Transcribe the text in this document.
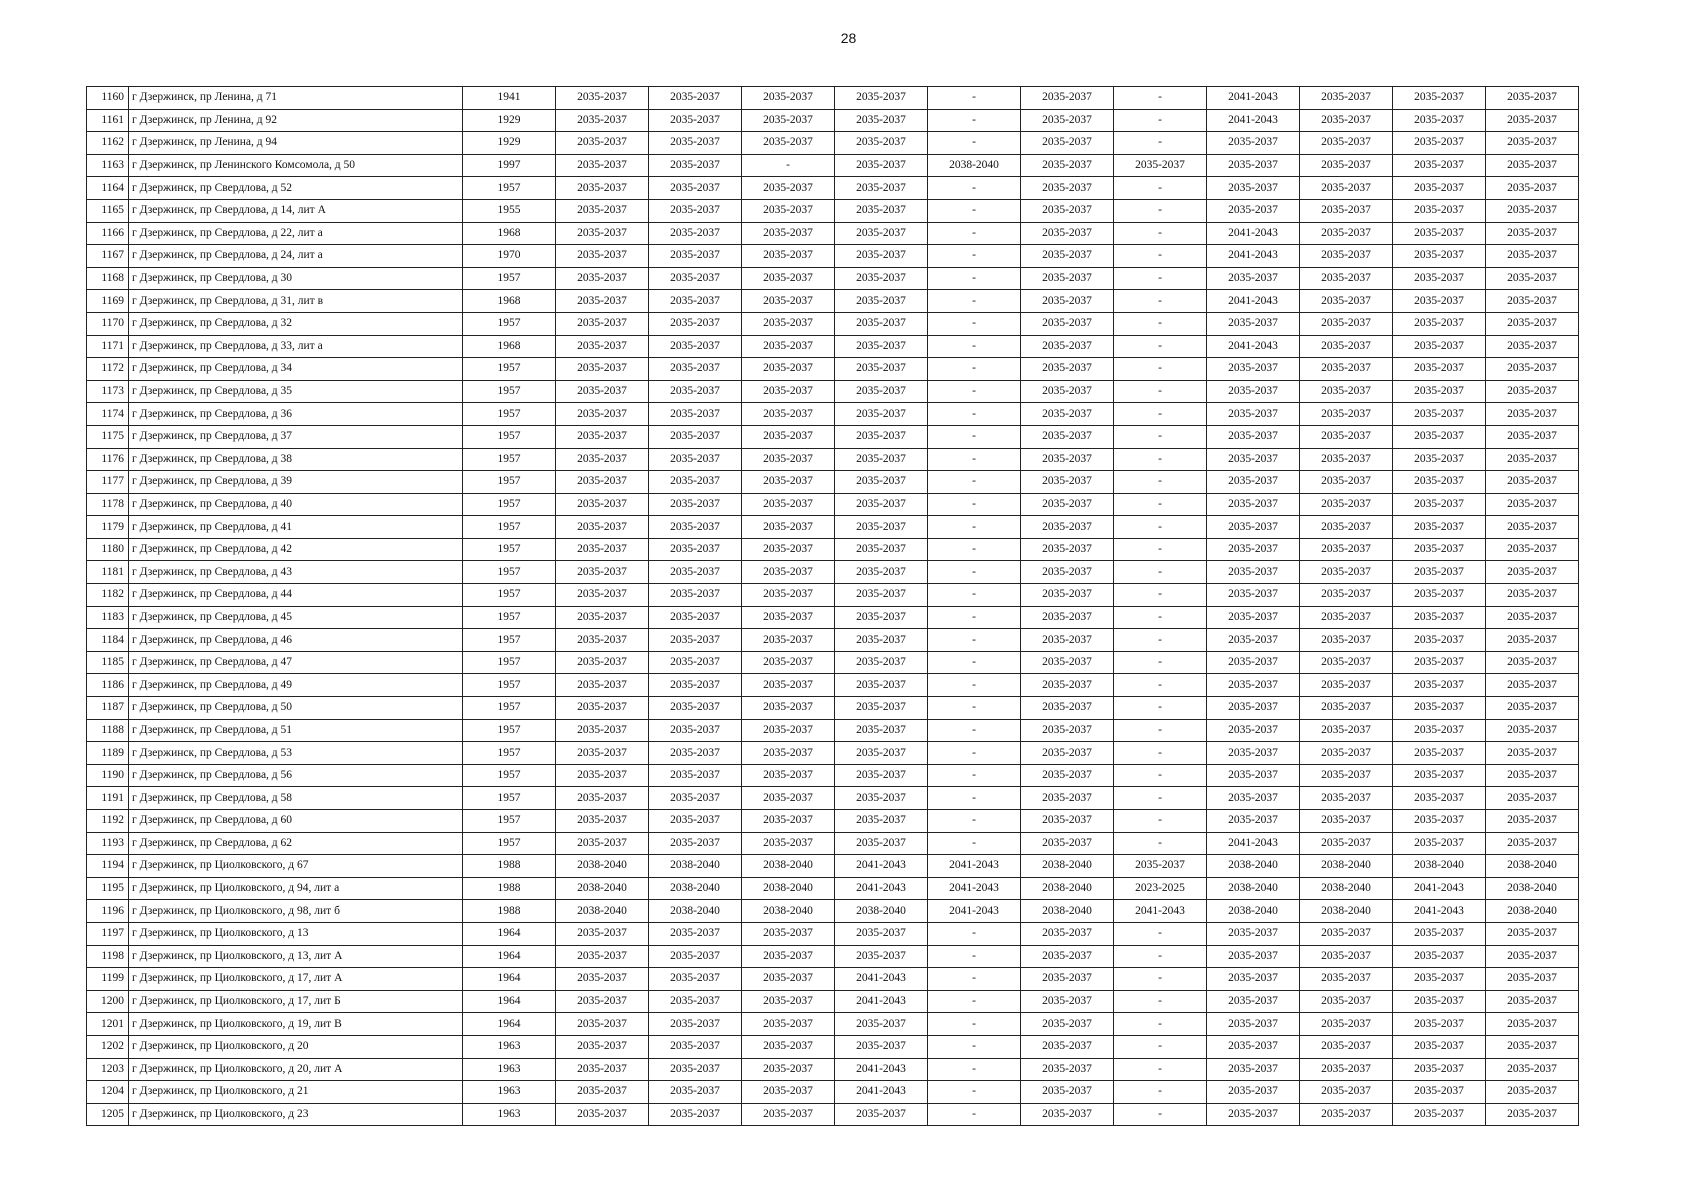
28
1160	г Дзержинск, пр Ленина, д 71	1941	2035-2037	2035-2037	2035-2037	2035-2037	-	2035-2037	-	2041-2043	2035-2037	2035-2037	2035-2037
1161	г Дзержинск, пр Ленина, д 92	1929	2035-2037	2035-2037	2035-2037	2035-2037	-	2035-2037	-	2041-2043	2035-2037	2035-2037	2035-2037
1162	г Дзержинск, пр Ленина, д 94	1929	2035-2037	2035-2037	2035-2037	2035-2037	-	2035-2037	-	2035-2037	2035-2037	2035-2037	2035-2037
1163	г Дзержинск, пр Ленинского Комсомола, д 50	1997	2035-2037	2035-2037	-	2035-2037	2038-2040	2035-2037	2035-2037	2035-2037	2035-2037	2035-2037	2035-2037
1164	г Дзержинск, пр Свердлова, д 52	1957	2035-2037	2035-2037	2035-2037	2035-2037	-	2035-2037	-	2035-2037	2035-2037	2035-2037	2035-2037
1165	г Дзержинск, пр Свердлова, д 14, лит А	1955	2035-2037	2035-2037	2035-2037	2035-2037	-	2035-2037	-	2035-2037	2035-2037	2035-2037	2035-2037
1166	г Дзержинск, пр Свердлова, д 22, лит а	1968	2035-2037	2035-2037	2035-2037	2035-2037	-	2035-2037	-	2041-2043	2035-2037	2035-2037	2035-2037
1167	г Дзержинск, пр Свердлова, д 24, лит а	1970	2035-2037	2035-2037	2035-2037	2035-2037	-	2035-2037	-	2041-2043	2035-2037	2035-2037	2035-2037
1168	г Дзержинск, пр Свердлова, д 30	1957	2035-2037	2035-2037	2035-2037	2035-2037	-	2035-2037	-	2035-2037	2035-2037	2035-2037	2035-2037
1169	г Дзержинск, пр Свердлова, д 31, лит в	1968	2035-2037	2035-2037	2035-2037	2035-2037	-	2035-2037	-	2041-2043	2035-2037	2035-2037	2035-2037
1170	г Дзержинск, пр Свердлова, д 32	1957	2035-2037	2035-2037	2035-2037	2035-2037	-	2035-2037	-	2035-2037	2035-2037	2035-2037	2035-2037
1171	г Дзержинск, пр Свердлова, д 33, лит а	1968	2035-2037	2035-2037	2035-2037	2035-2037	-	2035-2037	-	2041-2043	2035-2037	2035-2037	2035-2037
1172	г Дзержинск, пр Свердлова, д 34	1957	2035-2037	2035-2037	2035-2037	2035-2037	-	2035-2037	-	2035-2037	2035-2037	2035-2037	2035-2037
1173	г Дзержинск, пр Свердлова, д 35	1957	2035-2037	2035-2037	2035-2037	2035-2037	-	2035-2037	-	2035-2037	2035-2037	2035-2037	2035-2037
1174	г Дзержинск, пр Свердлова, д 36	1957	2035-2037	2035-2037	2035-2037	2035-2037	-	2035-2037	-	2035-2037	2035-2037	2035-2037	2035-2037
1175	г Дзержинск, пр Свердлова, д 37	1957	2035-2037	2035-2037	2035-2037	2035-2037	-	2035-2037	-	2035-2037	2035-2037	2035-2037	2035-2037
1176	г Дзержинск, пр Свердлова, д 38	1957	2035-2037	2035-2037	2035-2037	2035-2037	-	2035-2037	-	2035-2037	2035-2037	2035-2037	2035-2037
1177	г Дзержинск, пр Свердлова, д 39	1957	2035-2037	2035-2037	2035-2037	2035-2037	-	2035-2037	-	2035-2037	2035-2037	2035-2037	2035-2037
1178	г Дзержинск, пр Свердлова, д 40	1957	2035-2037	2035-2037	2035-2037	2035-2037	-	2035-2037	-	2035-2037	2035-2037	2035-2037	2035-2037
1179	г Дзержинск, пр Свердлова, д 41	1957	2035-2037	2035-2037	2035-2037	2035-2037	-	2035-2037	-	2035-2037	2035-2037	2035-2037	2035-2037
1180	г Дзержинск, пр Свердлова, д 42	1957	2035-2037	2035-2037	2035-2037	2035-2037	-	2035-2037	-	2035-2037	2035-2037	2035-2037	2035-2037
1181	г Дзержинск, пр Свердлова, д 43	1957	2035-2037	2035-2037	2035-2037	2035-2037	-	2035-2037	-	2035-2037	2035-2037	2035-2037	2035-2037
1182	г Дзержинск, пр Свердлова, д 44	1957	2035-2037	2035-2037	2035-2037	2035-2037	-	2035-2037	-	2035-2037	2035-2037	2035-2037	2035-2037
1183	г Дзержинск, пр Свердлова, д 45	1957	2035-2037	2035-2037	2035-2037	2035-2037	-	2035-2037	-	2035-2037	2035-2037	2035-2037	2035-2037
1184	г Дзержинск, пр Свердлова, д 46	1957	2035-2037	2035-2037	2035-2037	2035-2037	-	2035-2037	-	2035-2037	2035-2037	2035-2037	2035-2037
1185	г Дзержинск, пр Свердлова, д 47	1957	2035-2037	2035-2037	2035-2037	2035-2037	-	2035-2037	-	2035-2037	2035-2037	2035-2037	2035-2037
1186	г Дзержинск, пр Свердлова, д 49	1957	2035-2037	2035-2037	2035-2037	2035-2037	-	2035-2037	-	2035-2037	2035-2037	2035-2037	2035-2037
1187	г Дзержинск, пр Свердлова, д 50	1957	2035-2037	2035-2037	2035-2037	2035-2037	-	2035-2037	-	2035-2037	2035-2037	2035-2037	2035-2037
1188	г Дзержинск, пр Свердлова, д 51	1957	2035-2037	2035-2037	2035-2037	2035-2037	-	2035-2037	-	2035-2037	2035-2037	2035-2037	2035-2037
1189	г Дзержинск, пр Свердлова, д 53	1957	2035-2037	2035-2037	2035-2037	2035-2037	-	2035-2037	-	2035-2037	2035-2037	2035-2037	2035-2037
1190	г Дзержинск, пр Свердлова, д 56	1957	2035-2037	2035-2037	2035-2037	2035-2037	-	2035-2037	-	2035-2037	2035-2037	2035-2037	2035-2037
1191	г Дзержинск, пр Свердлова, д 58	1957	2035-2037	2035-2037	2035-2037	2035-2037	-	2035-2037	-	2035-2037	2035-2037	2035-2037	2035-2037
1192	г Дзержинск, пр Свердлова, д 60	1957	2035-2037	2035-2037	2035-2037	2035-2037	-	2035-2037	-	2035-2037	2035-2037	2035-2037	2035-2037
1193	г Дзержинск, пр Свердлова, д 62	1957	2035-2037	2035-2037	2035-2037	2035-2037	-	2035-2037	-	2041-2043	2035-2037	2035-2037	2035-2037
1194	г Дзержинск, пр Циолковского, д 67	1988	2038-2040	2038-2040	2038-2040	2041-2043	2041-2043	2038-2040	2035-2037	2038-2040	2038-2040	2038-2040	2038-2040
1195	г Дзержинск, пр Циолковского, д 94, лит а	1988	2038-2040	2038-2040	2038-2040	2041-2043	2041-2043	2038-2040	2023-2025	2038-2040	2038-2040	2041-2043	2038-2040
1196	г Дзержинск, пр Циолковского, д 98, лит б	1988	2038-2040	2038-2040	2038-2040	2038-2040	2041-2043	2038-2040	2041-2043	2038-2040	2038-2040	2041-2043	2038-2040
1197	г Дзержинск, пр Циолковского, д 13	1964	2035-2037	2035-2037	2035-2037	2035-2037	-	2035-2037	-	2035-2037	2035-2037	2035-2037	2035-2037
1198	г Дзержинск, пр Циолковского, д 13, лит А	1964	2035-2037	2035-2037	2035-2037	2035-2037	-	2035-2037	-	2035-2037	2035-2037	2035-2037	2035-2037
1199	г Дзержинск, пр Циолковского, д 17, лит А	1964	2035-2037	2035-2037	2035-2037	2041-2043	-	2035-2037	-	2035-2037	2035-2037	2035-2037	2035-2037
1200	г Дзержинск, пр Циолковского, д 17, лит Б	1964	2035-2037	2035-2037	2035-2037	2041-2043	-	2035-2037	-	2035-2037	2035-2037	2035-2037	2035-2037
1201	г Дзержинск, пр Циолковского, д 19, лит В	1964	2035-2037	2035-2037	2035-2037	2035-2037	-	2035-2037	-	2035-2037	2035-2037	2035-2037	2035-2037
1202	г Дзержинск, пр Циолковского, д 20	1963	2035-2037	2035-2037	2035-2037	2035-2037	-	2035-2037	-	2035-2037	2035-2037	2035-2037	2035-2037
1203	г Дзержинск, пр Циолковского, д 20, лит А	1963	2035-2037	2035-2037	2035-2037	2041-2043	-	2035-2037	-	2035-2037	2035-2037	2035-2037	2035-2037
1204	г Дзержинск, пр Циолковского, д 21	1963	2035-2037	2035-2037	2035-2037	2041-2043	-	2035-2037	-	2035-2037	2035-2037	2035-2037	2035-2037
1205	г Дзержинск, пр Циолковского, д 23	1963	2035-2037	2035-2037	2035-2037	2035-2037	-	2035-2037	-	2035-2037	2035-2037	2035-2037	2035-2037
